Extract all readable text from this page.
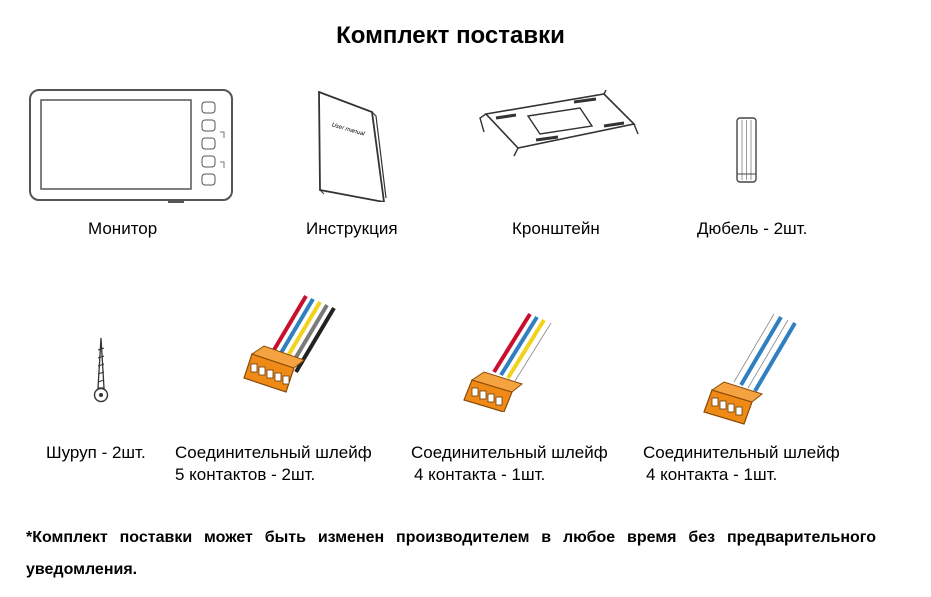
Комплект поставки
Монитор
User manual
Инструкция	Кронштейн	Дюбель - 2шт.
Шуруп - 2шт. Соединительный шлейф
5 контактов - 2шт.
Соединительный шлейф
4 контакта - 1шт.
Соединительный шлейф
4 контакта - 1шт.
*Комплект поставки может быть изменен производителем в любое время без предварительного уведомления.
